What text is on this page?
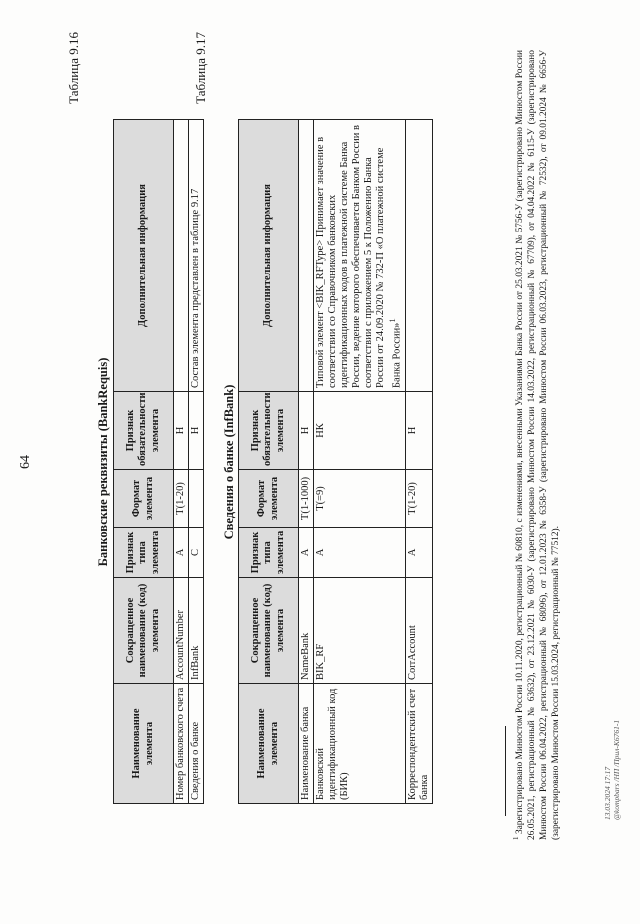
64
Таблица 9.16
Банковские реквизиты (BankRequis)
Наименование элемента	Сокращенное наименование (код) элемента	Признак типа элемента	Формат элемента	Признак обязательности элемента	Дополнительная информация
Номер банковского счета	AccountNumber	А	Т(1-20)	Н	
Сведения о банке	InfBank	С		Н	Состав элемента представлен в таблице 9.17
Таблица 9.17
Сведения о банке (InfBank)
Наименование элемента	Сокращенное наименование (код) элемента	Признак типа элемента	Формат элемента	Признак обязательности элемента	Дополнительная информация
Наименование банка	NameBank	А	Т(1-1000)	Н	
Банковский идентификационный код (БИК)	BIK_RF	А	Т(=9)	НК	Типовой элемент <BIK_RFType> Принимает значение в соответствии со Справочником банковских идентификационных кодов в платежной системе Банка России, ведение которого обеспечивается Банком России в соответствии с приложением 5 к Положению Банка России от 24.09.2020 № 732-П «О платежной системе Банка России»$^1$
Корреспондентский счет банка	CorrAccount	А	Т(1-20)	Н	
$^1$ Зарегистрировано Минюстом России 10.11.2020, регистрационный № 60810, с изменениями, внесенными Указаниями Банка России от 25.03.2021 № 5756-У (зарегистрировано Минюстом России 26.05.2021, регистрационный № 63632), от 23.12.2021 № 6030-У (зарегистрировано Минюстом России 14.03.2022, регистрационный № 67709), от 04.04.2022 № 6115-У (зарегистрировано Минюстом России 06.04.2022, регистрационный № 68096), от 12.01.2023 № 6358-У (зарегистрировано Минюстом России 06.03.2023, регистрационный № 72532), от 09.01.2024 № 6656-У (зарегистрировано Минюстом России 15.03.2024, регистрационный № 77512).	13.03.2024 17:17 @kompbars /НП /Прил-К6761-1
